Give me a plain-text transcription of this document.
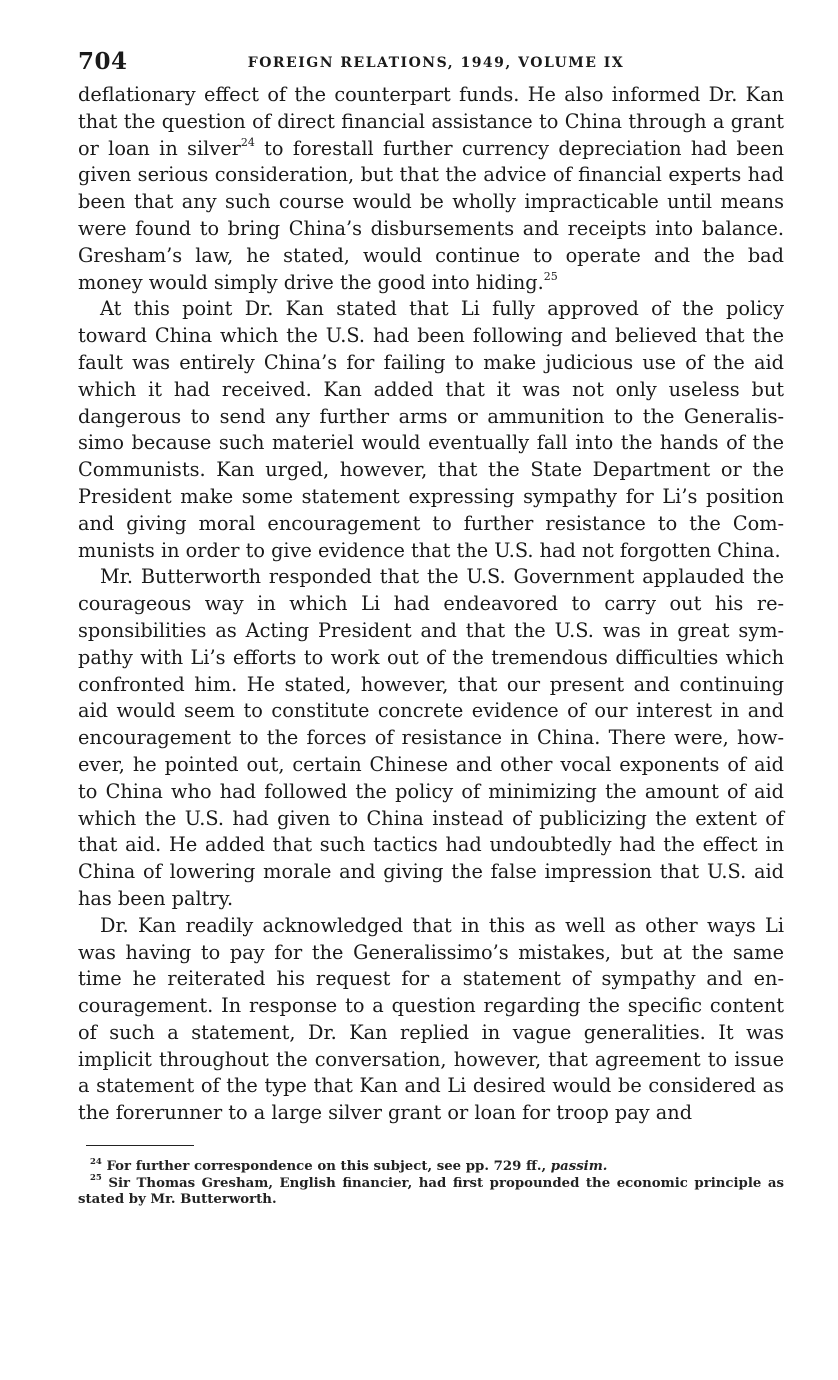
704	FOREIGN RELATIONS, 1949, VOLUME IX

deflationary effect of the counterpart funds. He also informed Dr. Kan that the question of direct financial assistance to China through a grant or loan in silver$^{24}$ to forestall further currency depreciation had been given serious consideration, but that the advice of financial experts had been that any such course would be wholly impracticable until means were found to bring China’s disbursements and receipts into balance. Gresham’s law, he stated, would continue to operate and the bad money would simply drive the good into hiding.$^{25}$

At this point Dr. Kan stated that Li fully approved of the policy toward China which the U.S. had been following and believed that the fault was entirely China’s for failing to make judicious use of the aid which it had received. Kan added that it was not only useless but dangerous to send any further arms or ammunition to the Generalissimo because such materiel would eventually fall into the hands of the Communists. Kan urged, however, that the State Department or the President make some statement expressing sympathy for Li’s position and giving moral encouragement to further resistance to the Communists in order to give evidence that the U.S. had not forgotten China.

Mr. Butterworth responded that the U.S. Government applauded the courageous way in which Li had endeavored to carry out his responsibilities as Acting President and that the U.S. was in great sympathy with Li’s efforts to work out of the tremendous difficulties which confronted him. He stated, however, that our present and continuing aid would seem to constitute concrete evidence of our interest in and encouragement to the forces of resistance in China. There were, however, he pointed out, certain Chinese and other vocal exponents of aid to China who had followed the policy of minimizing the amount of aid which the U.S. had given to China instead of publicizing the extent of that aid. He added that such tactics had undoubtedly had the effect in China of lowering morale and giving the false impression that U.S. aid has been paltry.

Dr. Kan readily acknowledged that in this as well as other ways Li was having to pay for the Generalissimo’s mistakes, but at the same time he reiterated his request for a statement of sympathy and encouragement. In response to a question regarding the specific content of such a statement, Dr. Kan replied in vague generalities. It was implicit throughout the conversation, however, that agreement to issue a statement of the type that Kan and Li desired would be considered as the forerunner to a large silver grant or loan for troop pay and

$^{24}$ For further correspondence on this subject, see pp. 729 ff., passim.

$^{25}$ Sir Thomas Gresham, English financier, had first propounded the economic principle as stated by Mr. Butterworth.
